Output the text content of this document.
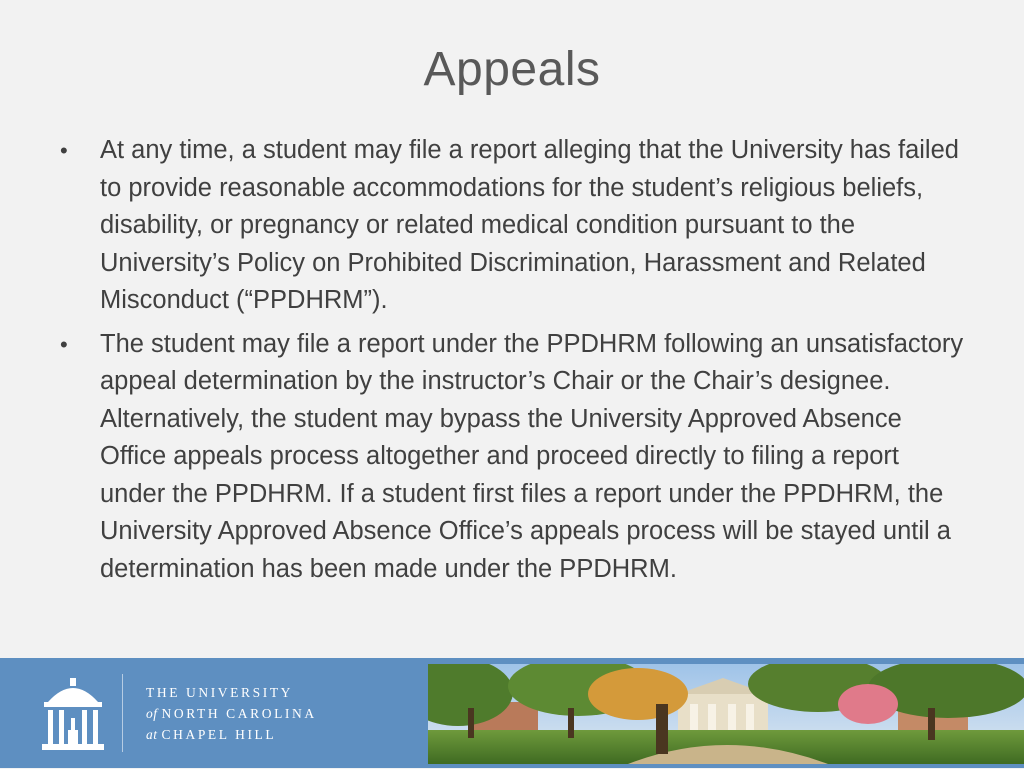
Appeals
•	At any time, a student may file a report alleging that the University has failed to provide reasonable accommodations for the student’s religious beliefs, disability, or pregnancy or related medical condition pursuant to the University’s Policy on Prohibited Discrimination, Harassment and Related Misconduct (“PPDHRM”).
•	The student may file a report under the PPDHRM following an unsatisfactory appeal determination by the instructor’s Chair or the Chair’s designee. Alternatively, the student may bypass the University Approved Absence Office appeals process altogether and proceed directly to filing a report under the PPDHRM. If a student first files a report under the PPDHRM, the University Approved Absence Office’s appeals process will be stayed until a determination has been made under the PPDHRM.
THE UNIVERSITY
of NORTH CAROLINA
at CHAPEL HILL
